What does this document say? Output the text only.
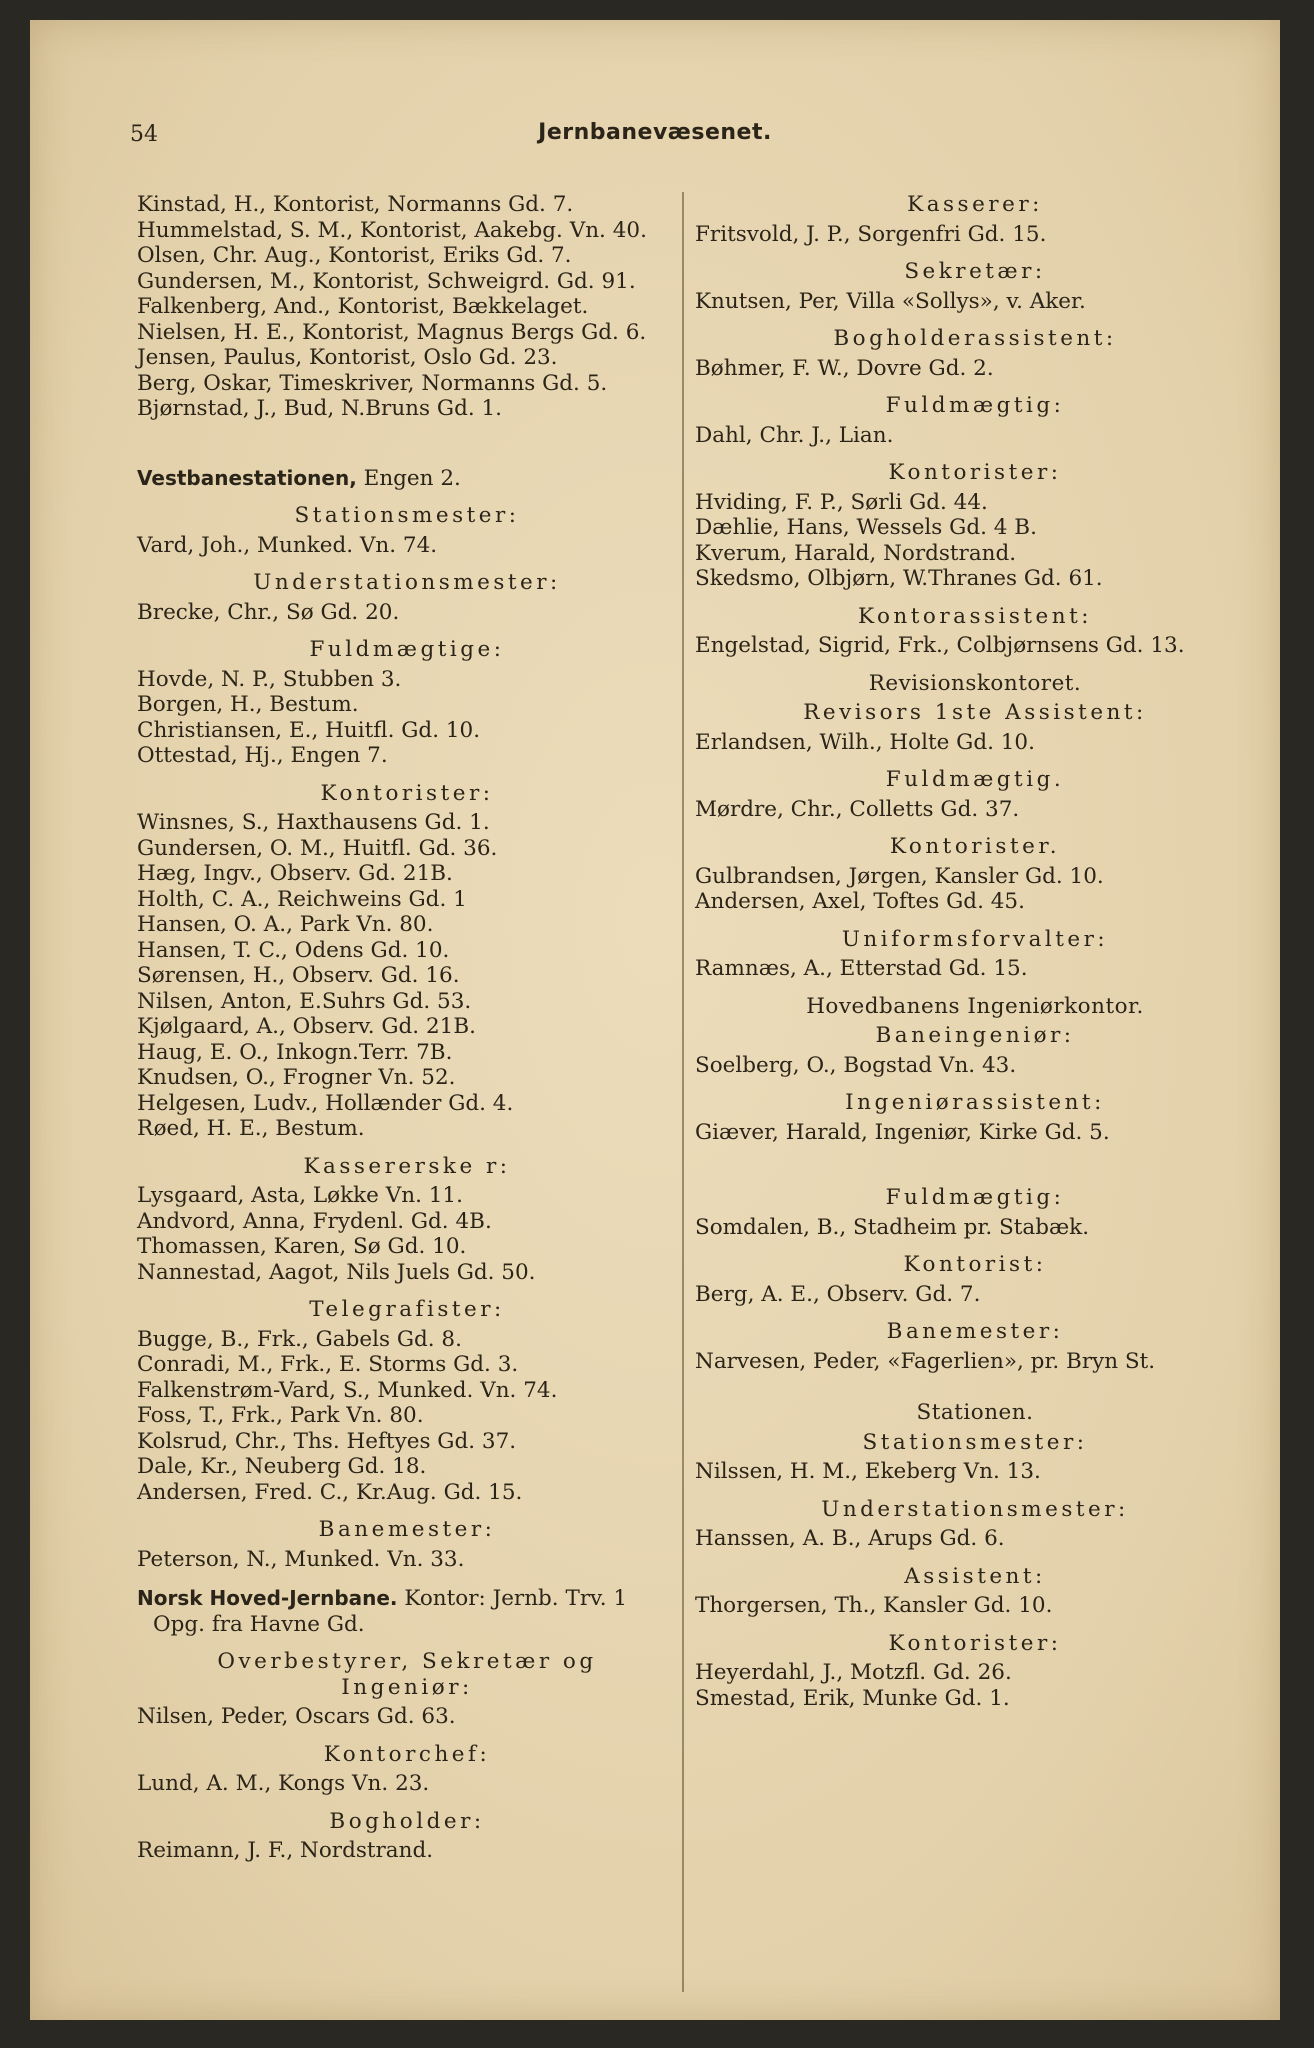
54	Jernbanevæsenet.
Kinstad, H., Kontorist, Normanns Gd. 7.
Hummelstad, S. M., Kontorist, Aakebg. Vn. 40.
Olsen, Chr. Aug., Kontorist, Eriks Gd. 7.
Gundersen, M., Kontorist, Schweigrd. Gd. 91.
Falkenberg, And., Kontorist, Bækkelaget.
Nielsen, H. E., Kontorist, Magnus Bergs Gd. 6.
Jensen, Paulus, Kontorist, Oslo Gd. 23.
Berg, Oskar, Timeskriver, Normanns Gd. 5.
Bjørnstad, J., Bud, N.Bruns Gd. 1.
Vestbanestationen, Engen 2.
Stationsmester:
Vard, Joh., Munked. Vn. 74.
Understationsmester:
Brecke, Chr., Sø Gd. 20.
Fuldmægtige:
Hovde, N. P., Stubben 3.
Borgen, H., Bestum.
Christiansen, E., Huitfl. Gd. 10.
Ottestad, Hj., Engen 7.
Kontorister:
Winsnes, S., Haxthausens Gd. 1.
Gundersen, O. M., Huitfl. Gd. 36.
Hæg, Ingv., Observ. Gd. 21B.
Holth, C. A., Reichweins Gd. 1
Hansen, O. A., Park Vn. 80.
Hansen, T. C., Odens Gd. 10.
Sørensen, H., Observ. Gd. 16.
Nilsen, Anton, E.Suhrs Gd. 53.
Kjølgaard, A., Observ. Gd. 21B.
Haug, E. O., Inkogn.Terr. 7B.
Knudsen, O., Frogner Vn. 52.
Helgesen, Ludv., Hollænder Gd. 4.
Røed, H. E., Bestum.
Kassererske r:
Lysgaard, Asta, Løkke Vn. 11.
Andvord, Anna, Frydenl. Gd. 4B.
Thomassen, Karen, Sø Gd. 10.
Nannestad, Aagot, Nils Juels Gd. 50.
Telegrafister:
Bugge, B., Frk., Gabels Gd. 8.
Conradi, M., Frk., E. Storms Gd. 3.
Falkenstrøm-Vard, S., Munked. Vn. 74.
Foss, T., Frk., Park Vn. 80.
Kolsrud, Chr., Ths. Heftyes Gd. 37.
Dale, Kr., Neuberg Gd. 18.
Andersen, Fred. C., Kr.Aug. Gd. 15.
Banemester:
Peterson, N., Munked. Vn. 33.
Norsk Hoved-Jernbane. Kontor: Jernb. Trv. 1
Opg. fra Havne Gd.
Overbestyrer, Sekretær og
Ingeniør:
Nilsen, Peder, Oscars Gd. 63.
Kontorchef:
Lund, A. M., Kongs Vn. 23.
Bogholder:
Reimann, J. F., Nordstrand.
Kasserer:
Fritsvold, J. P., Sorgenfri Gd. 15.
Sekretær:
Knutsen, Per, Villa «Sollys», v. Aker.
Bogholderassistent:
Bøhmer, F. W., Dovre Gd. 2.
Fuldmægtig:
Dahl, Chr. J., Lian.
Kontorister:
Hviding, F. P., Sørli Gd. 44.
Dæhlie, Hans, Wessels Gd. 4 B.
Kverum, Harald, Nordstrand.
Skedsmo, Olbjørn, W.Thranes Gd. 61.
Kontorassistent:
Engelstad, Sigrid, Frk., Colbjørnsens Gd. 13.
Revisionskontoret.
Revisors 1ste Assistent:
Erlandsen, Wilh., Holte Gd. 10.
Fuldmægtig.
Mørdre, Chr., Colletts Gd. 37.
Kontorister.
Gulbrandsen, Jørgen, Kansler Gd. 10.
Andersen, Axel, Toftes Gd. 45.
Uniformsforvalter:
Ramnæs, A., Etterstad Gd. 15.
Hovedbanens Ingeniørkontor.
Baneingeniør:
Soelberg, O., Bogstad Vn. 43.
Ingeniørassistent:
Giæver, Harald, Ingeniør, Kirke Gd. 5.
Fuldmægtig:
Somdalen, B., Stadheim pr. Stabæk.
Kontorist:
Berg, A. E., Observ. Gd. 7.
Banemester:
Narvesen, Peder, «Fagerlien», pr. Bryn St.
Stationen.
Stationsmester:
Nilssen, H. M., Ekeberg Vn. 13.
Understationsmester:
Hanssen, A. B., Arups Gd. 6.
Assistent:
Thorgersen, Th., Kansler Gd. 10.
Kontorister:
Heyerdahl, J., Motzfl. Gd. 26.
Smestad, Erik, Munke Gd. 1.
